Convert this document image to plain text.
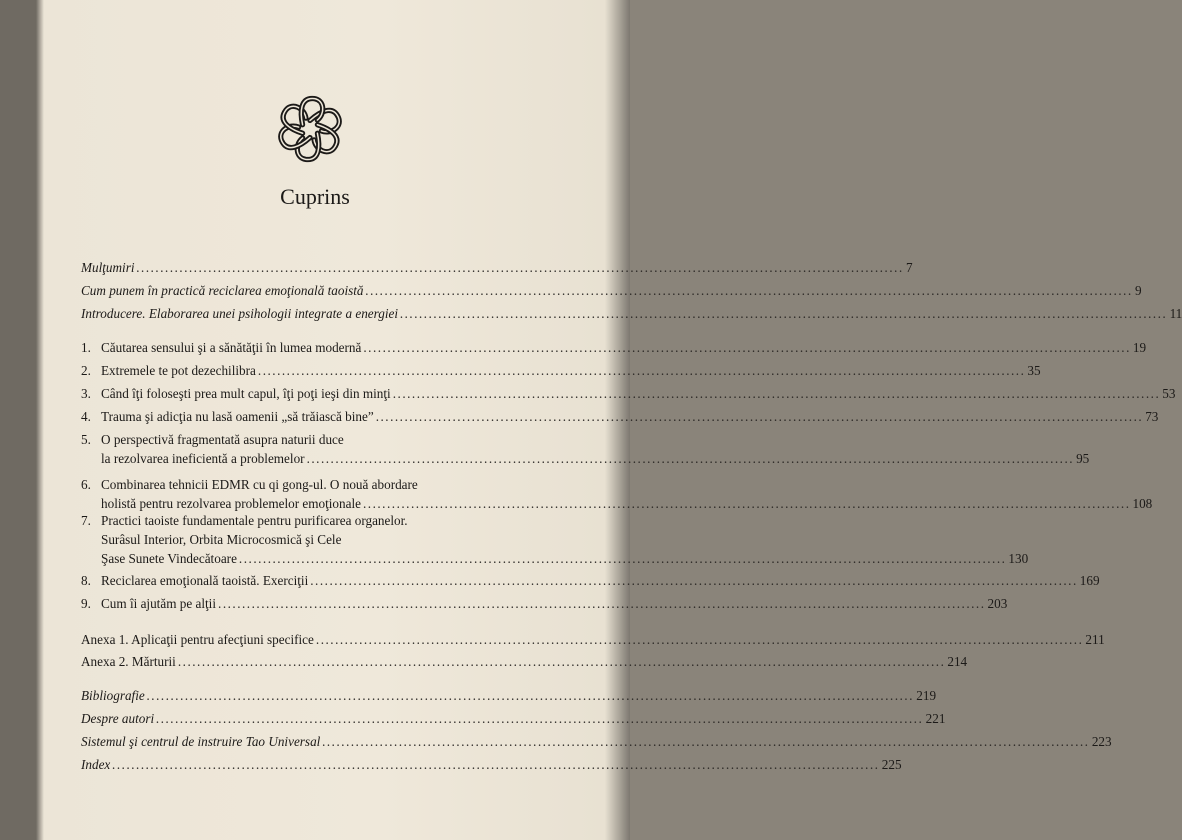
Cuprins
Mulţumiri .....	7
Cum punem în practică reciclarea emoţională taoistă .....	9
Introducere. Elaborarea unei psihologii integrate a energiei .....	11
1. Căutarea sensului şi a sănătăţii în lumea modernă .....	19
2. Extremele te pot dezechilibra .....	35
3. Când îţi foloseşti prea mult capul, îţi poţi ieşi din minţi .....	53
4. Trauma şi adicţia nu lasă oamenii „să trăiască bine” .....	73
5. O perspectivă fragmentată asupra naturii duce
la rezolvarea ineficientă a problemelor .....	95
6. Combinarea tehnicii EDMR cu qi gong-ul. O nouă abordare
holistă pentru rezolvarea problemelor emoţionale .....	108
7. Practici taoiste fundamentale pentru purificarea organelor.
Surâsul Interior, Orbita Microcosmică şi Cele
Şase Sunete Vindecătoare .....	130
8. Reciclarea emoţională taoistă. Exerciţii .....	169
9. Cum îi ajutăm pe alţii .....	203
Anexa 1. Aplicaţii pentru afecţiuni specifice .....	211
Anexa 2. Mărturii .....	214
Bibliografie .....	219
Despre autori .....	221
Sistemul şi centrul de instruire Tao Universal .....	223
Index .....	225
